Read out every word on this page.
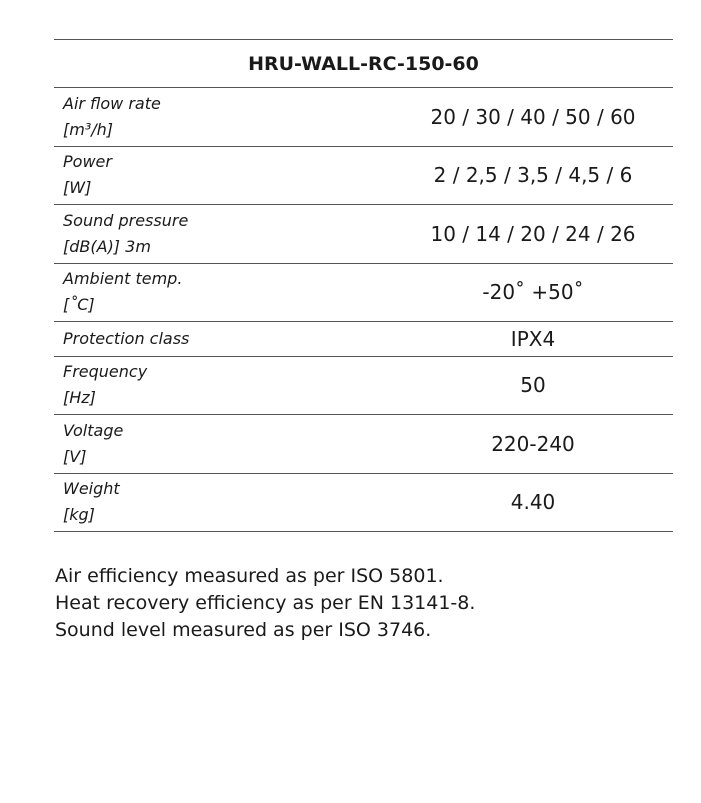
HRU-WALL-RC-150-60
Air flow rate
[m³/h]
20 / 30 / 40 / 50 / 60
Power
[W]
2 / 2,5 / 3,5 / 4,5 / 6
Sound pressure
[dB(A)] 3m
10 / 14 / 20 / 24 / 26
Ambient temp.
[˚C]
-20˚ +50˚
Protection class	IPX4
Frequency
[Hz]
50
Voltage
[V]
220-240
Weight
[kg]
4.40
Air efficiency measured as per ISO 5801.
Heat recovery efficiency as per EN 13141-8.
Sound level measured as per ISO 3746.
